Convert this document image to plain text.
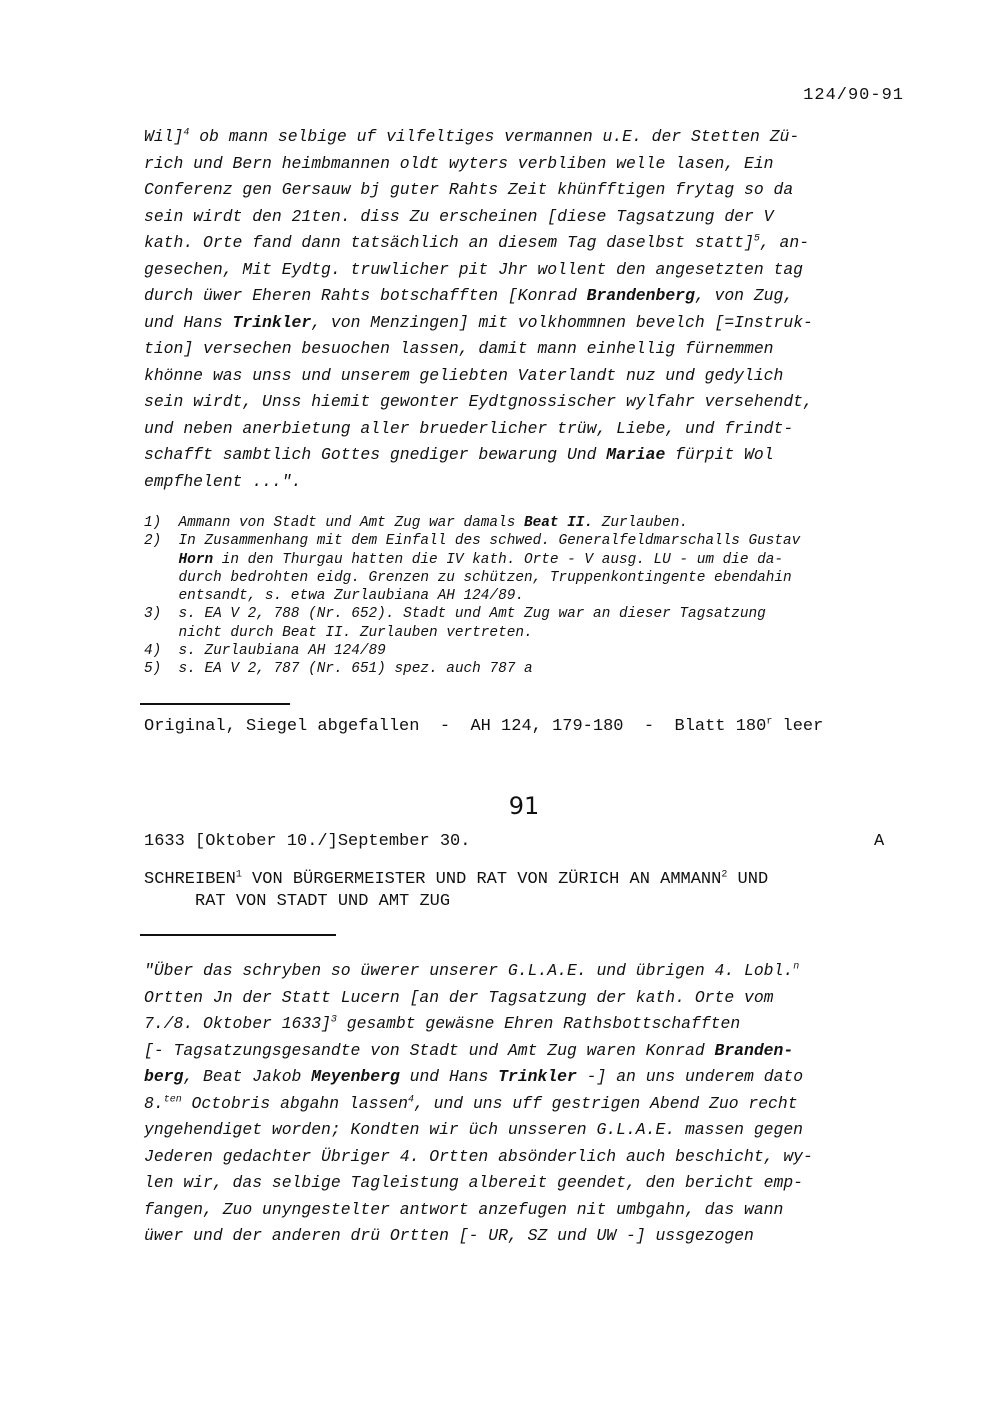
124/90-91
Wil]$^4$ ob mann selbige uf vilfeltiges vermannen u.E. der Stetten Zü-
rich und Bern heimbmannen oldt wyters verbliben welle lasen, Ein
Conferenz gen Gersauw bj guter Rahts Zeit khünfftigen frytag so da
sein wirdt den 21ten. diss Zu erscheinen [diese Tagsatzung der V
kath. Orte fand dann tatsächlich an diesem Tag daselbst statt]$^5$, an-
gesechen, Mit Eydtg. truwlicher pit Jhr wollent den angesetzten tag
durch üwer Eheren Rahts botschafften [Konrad Brandenberg, von Zug,
und Hans Trinkler, von Menzingen] mit volkhommnen bevelch [=Instruk-
tion] versechen besuochen lassen, damit mann einhellig fürnemmen
khönne was unss und unserem geliebten Vaterlandt nuz und gedylich
sein wirdt, Unss hiemit gewonter Eydtgnossischer wylfahr versehendt,
und neben anerbietung aller bruederlicher trüw, Liebe, und frindt-
schafft sambtlich Gottes gnediger bewarung Und Mariae fürpit Wol
empfhelent ...".
1)  Ammann von Stadt und Amt Zug war damals Beat II. Zurlauben.
2)  In Zusammenhang mit dem Einfall des schwed. Generalfeldmarschalls Gustav
Horn in den Thurgau hatten die IV kath. Orte - V ausg. LU - um die da-
durch bedrohten eidg. Grenzen zu schützen, Truppenkontingente ebendahin
entsandt, s. etwa Zurlaubiana AH 124/89.
3)  s. EA V 2, 788 (Nr. 652). Stadt und Amt Zug war an dieser Tagsatzung
nicht durch Beat II. Zurlauben vertreten.
4)  s. Zurlaubiana AH 124/89
5)  s. EA V 2, 787 (Nr. 651) spez. auch 787 a
Original, Siegel abgefallen  -  AH 124, 179-180  -  Blatt 180$^r$ leer
91
1633 [Oktober 10./]September 30.	A
SCHREIBEN$^1$ VON BÜRGERMEISTER UND RAT VON ZÜRICH AN AMMANN$^2$ UND
RAT VON STADT UND AMT ZUG
"Über das schryben so üwerer unserer G.L.A.E. und übrigen 4. Lobl.$^n$
Ortten Jn der Statt Lucern [an der Tagsatzung der kath. Orte vom
7./8. Oktober 1633]$^3$ gesambt gewäsne Ehren Rathsbottschafften
[- Tagsatzungsgesandte von Stadt und Amt Zug waren Konrad Branden-
berg, Beat Jakob Meyenberg und Hans Trinkler -] an uns underem dato
8.$^{ten}$ Octobris abgahn lassen$^4$, und uns uff gestrigen Abend Zuo recht
yngehendiget worden; Kondten wir üch unsseren G.L.A.E. massen gegen
Jederen gedachter Übriger 4. Ortten absönderlich auch beschicht, wy-
len wir, das selbige Tagleistung albereit geendet, den bericht emp-
fangen, Zuo unyngestelter antwort anzefugen nit umbgahn, das wann
üwer und der anderen drü Ortten [- UR, SZ und UW -] ussgezogen
